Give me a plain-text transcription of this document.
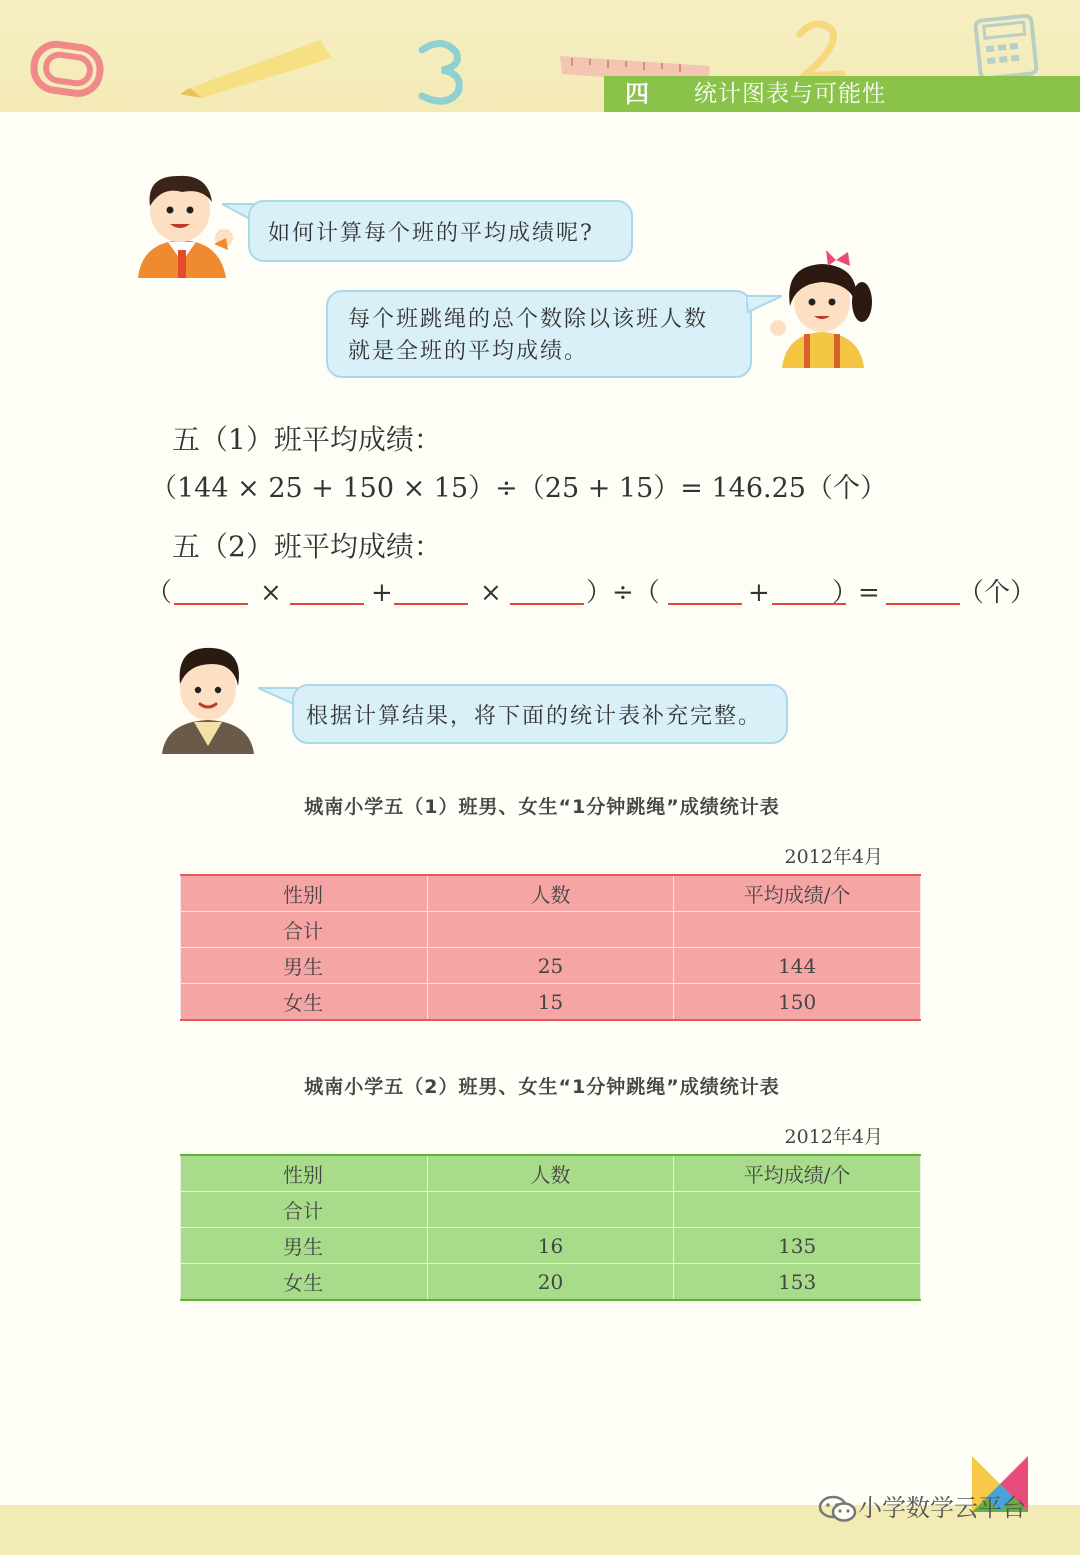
四 统计图表与可能性
如何计算每个班的平均成绩呢?
每个班跳绳的总个数除以该班人数
就是全班的平均成绩。
五（1）班平均成绩：
（144 × 25 + 150 × 15）÷（25 + 15）= 146.25（个）
五（2）班平均成绩：
（	×	+	×	）÷（	+ ）=	（个）
根据计算结果，将下面的统计表补充完整。
城南小学五（1）班男、女生“1分钟跳绳”成绩统计表
2012年4月
性别	人数	平均成绩/个
合计		
男生	25	144
女生	15	150
城南小学五（2）班男、女生“1分钟跳绳”成绩统计表
2012年4月
性别	人数	平均成绩/个
合计		
男生	16	135
女生	20	153
小学数学云平台
